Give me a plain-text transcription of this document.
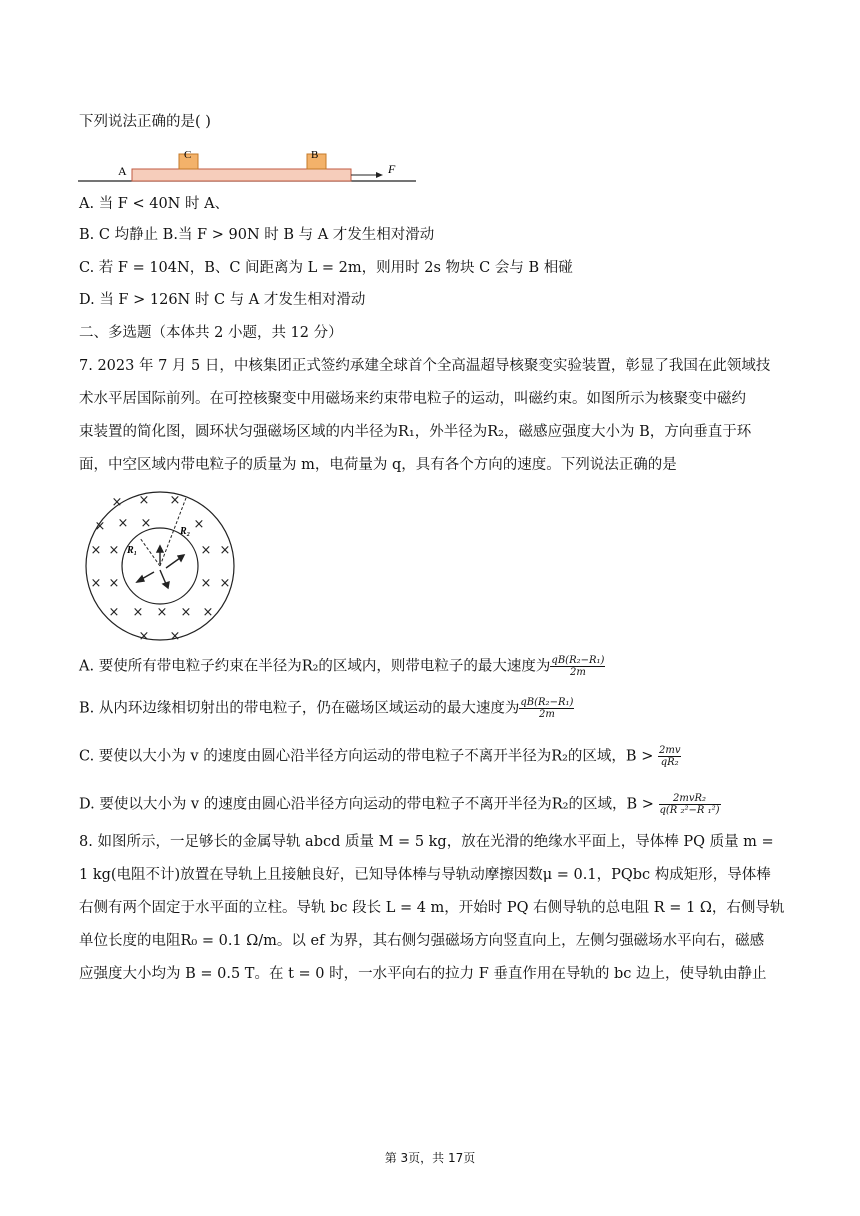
下列说法正确的是( )
A
C	B
F
A. 当 F < 40N 时 A、
B. C 均静止 B.当 F > 90N 时 B 与 A 才发生相对滑动
C. 若 F = 104N，B、C 间距离为 L = 2m，则用时 2s 物块 C 会与 B 相碰
D. 当 F > 126N 时 C 与 A 才发生相对滑动
二、多选题（本体共 2 小题，共 12 分）
7. 2023 年 7 月 5 日，中核集团正式签约承建全球首个全高温超导核聚变实验装置，彰显了我国在此领域技
术水平居国际前列。在可控核聚变中用磁场来约束带电粒子的运动，叫磁约束。如图所示为核聚变中磁约
束装置的简化图，圆环状匀强磁场区域的内半径为R₁，外半径为R₂，磁感应强度大小为 B，方向垂直于环
面，中空区域内带电粒子的质量为 m，电荷量为 q，具有各个方向的速度。下列说法正确的是
× × ×
× × ×	×
× ×	× ×
× ×	× ×
× × × × ×
× ×
R₂
R₁
A. 要使所有带电粒子约束在半径为R₂的区域内，则带电粒子的最大速度为 $\frac{\text{qB(R₂−R₁)}}{2m}$
B. 从内环边缘相切射出的带电粒子，仍在磁场区域运动的最大速度为 $\frac{\text{qB(R₂−R₁)}}{2m}$
C. 要使以大小为 v 的速度由圆心沿半径方向运动的带电粒子不离开半径为R₂的区域，$B > \frac{2mv}{\text{qR₂}}$
D. 要使以大小为 v 的速度由圆心沿半径方向运动的带电粒子不离开半径为R₂的区域，$B > \frac{\text{2mvR₂}}{\text{q(R ₂²−R ₁²)}}$
8. 如图所示，一足够长的金属导轨 abcd 质量 M = 5 kg，放在光滑的绝缘水平面上，导体棒 PQ 质量 m =
1 kg(电阻不计)放置在导轨上且接触良好，已知导体棒与导轨动摩擦因数μ = 0.1，PQbc 构成矩形，导体棒
右侧有两个固定于水平面的立柱。导轨 bc 段长 L = 4 m，开始时 PQ 右侧导轨的总电阻 R = 1 Ω，右侧导轨
单位长度的电阻R₀ = 0.1 Ω/m。以 ef 为界，其右侧匀强磁场方向竖直向上，左侧匀强磁场水平向右，磁感
应强度大小均为 B = 0.5 T。在 t = 0 时，一水平向右的拉力 F 垂直作用在导轨的 bc 边上，使导轨由静止
第 3页，共 17页
